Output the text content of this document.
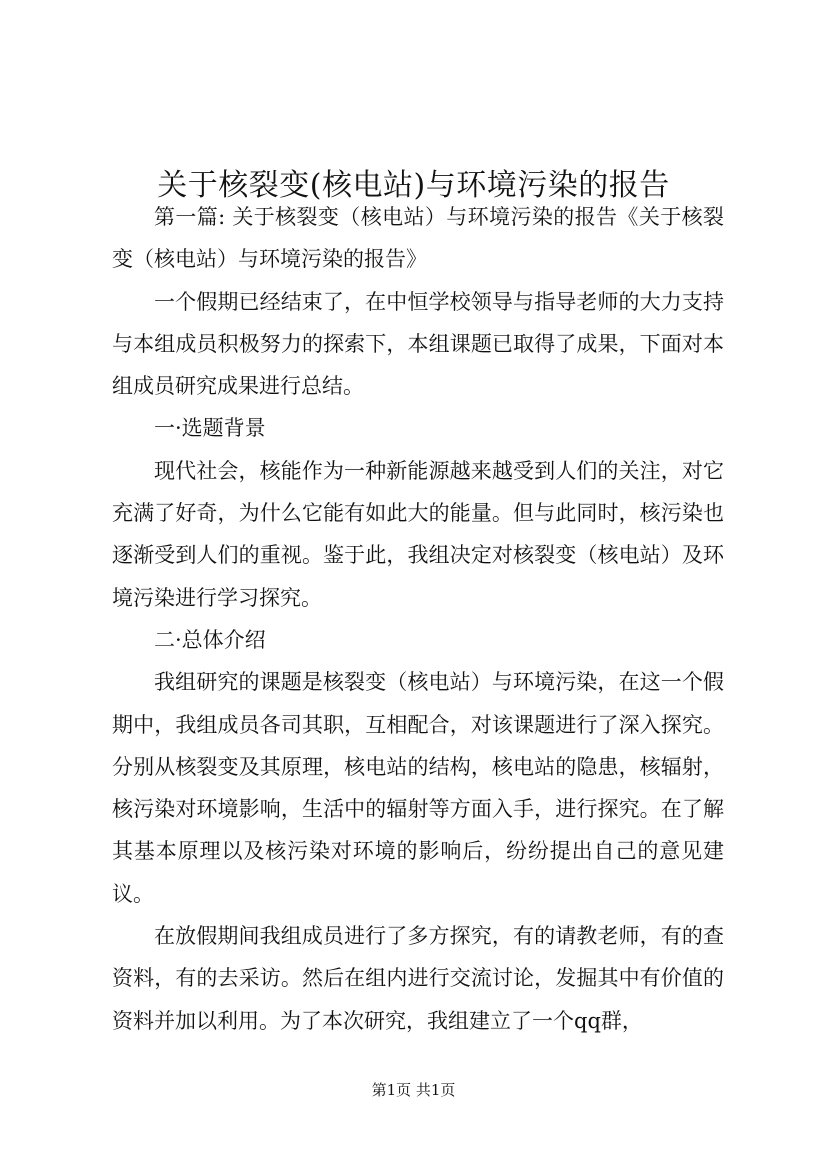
关于核裂变(核电站)与环境污染的报告

第一篇: 关于核裂变（核电站）与环境污染的报告《关于核裂变（核电站）与环境污染的报告》

一个假期已经结束了，在中恒学校领导与指导老师的大力支持与本组成员积极努力的探索下，本组课题已取得了成果，下面对本组成员研究成果进行总结。

一·选题背景

现代社会，核能作为一种新能源越来越受到人们的关注，对它充满了好奇，为什么它能有如此大的能量。但与此同时，核污染也逐渐受到人们的重视。鉴于此，我组决定对核裂变（核电站）及环境污染进行学习探究。

二·总体介绍

我组研究的课题是核裂变（核电站）与环境污染，在这一个假期中，我组成员各司其职，互相配合，对该课题进行了深入探究。分别从核裂变及其原理，核电站的结构，核电站的隐患，核辐射，核污染对环境影响，生活中的辐射等方面入手，进行探究。在了解其基本原理以及核污染对环境的影响后，纷纷提出自己的意见建议。

在放假期间我组成员进行了多方探究，有的请教老师，有的查资料，有的去采访。然后在组内进行交流讨论，发掘其中有价值的资料并加以利用。为了本次研究，我组建立了一个qq群，

第1页 共1页
